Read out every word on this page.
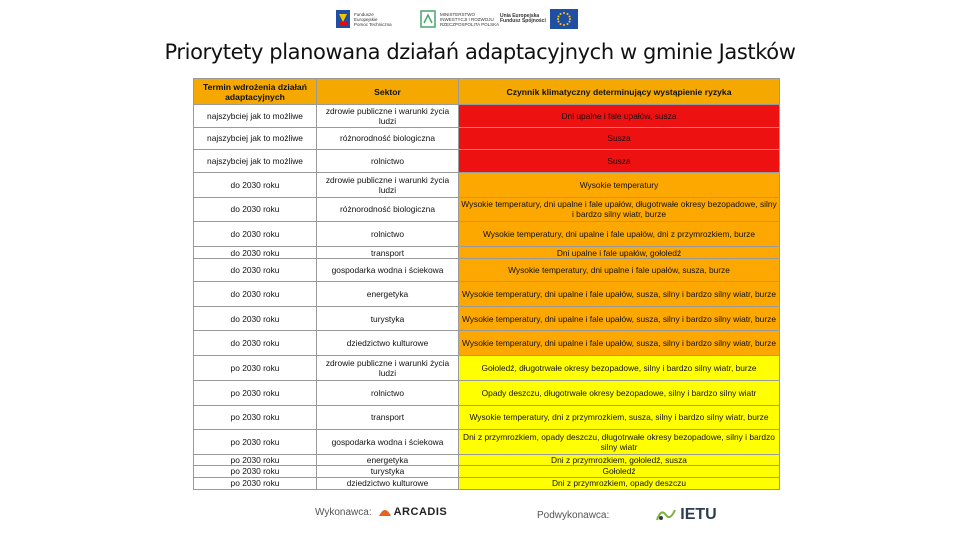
Fundusze
Europejskie
Pomoc Techniczna
MINISTERSTWO
INWESTYCJI I ROZWOJU
RZECZPOSPOLITA POLSKA
Unia Europejska
Fundusz Spójności
Priorytety planowana działań adaptacyjnych w gminie Jastków
Termin wdrożenia działań adaptacyjnych	Sektor	Czynnik klimatyczny determinujący wystąpienie ryzyka
najszybciej jak to możliwe	zdrowie publiczne i warunki życia ludzi	Dni upalne i fale upałów, susza
najszybciej jak to możliwe	różnorodność biologiczna	Susza
najszybciej jak to możliwe	rolnictwo	Susza
do 2030 roku	zdrowie publiczne i warunki życia ludzi	Wysokie temperatury
do 2030 roku	różnorodność biologiczna	Wysokie temperatury, dni upalne i fale upałów, długotrwałe okresy bezopadowe, silny i bardzo silny wiatr, burze
do 2030 roku	rolnictwo	Wysokie temperatury, dni upalne i fale upałów, dni z przymrozkiem, burze
do 2030 roku	transport	Dni upalne i fale upałów, gołoledź
do 2030 roku	gospodarka wodna i ściekowa	Wysokie temperatury, dni upalne i fale upałów, susza, burze
do 2030 roku	energetyka	Wysokie temperatury, dni upalne i fale upałów, susza, silny i bardzo silny wiatr, burze
do 2030 roku	turystyka	Wysokie temperatury, dni upalne i fale upałów, susza, silny i bardzo silny wiatr, burze
do 2030 roku	dziedzictwo kulturowe	Wysokie temperatury, dni upalne i fale upałów, susza, silny i bardzo silny wiatr, burze
po 2030 roku	zdrowie publiczne i warunki życia ludzi	Gołoledź, długotrwałe okresy bezopadowe, silny i bardzo silny wiatr, burze
po 2030 roku	rolnictwo	Opady deszczu, długotrwałe okresy bezopadowe, silny i bardzo silny wiatr
po 2030 roku	transport	Wysokie temperatury, dni z przymrozkiem, susza, silny i bardzo silny wiatr, burze
po 2030 roku	gospodarka wodna i ściekowa	Dni z przymrozkiem, opady deszczu, długotrwałe okresy bezopadowe, silny i bardzo silny wiatr
po 2030 roku	energetyka	Dni z przymrozkiem, gołoledź, susza
po 2030 roku	turystyka	Gołoledź
po 2030 roku	dziedzictwo kulturowe	Dni z przymrozkiem, opady deszczu
Wykonawca: ARCADIS	Podwykonawca:	IETU
